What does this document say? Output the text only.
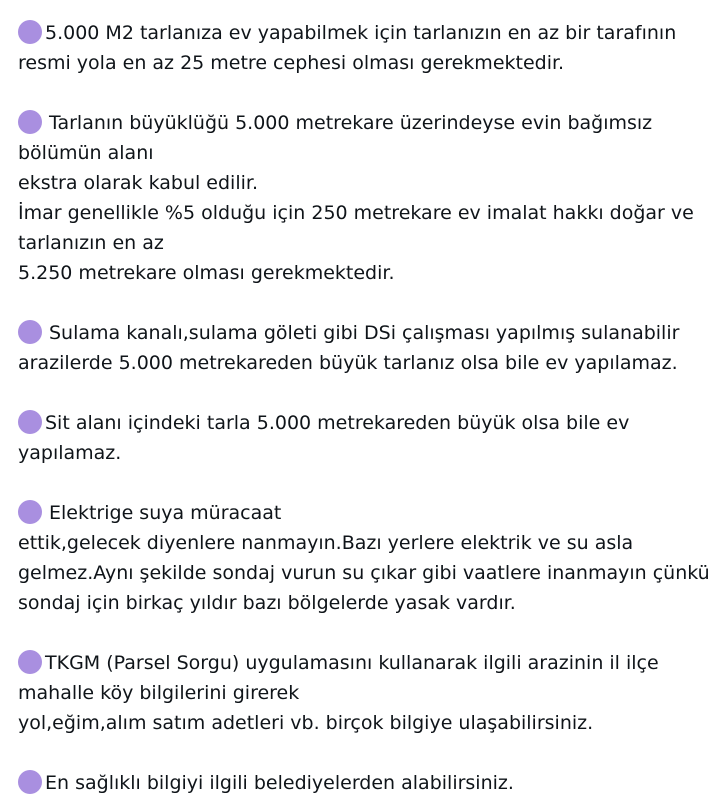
5.000 M2 tarlanıza ev yapabilmek için tarlanızın en az bir tarafının
resmi yola en az 25 metre cephesi olması gerekmektedir.

Tarlanın büyüklüğü 5.000 metrekare üzerindeyse evin bağımsız
bölümün alanı
ekstra olarak kabul edilir.
İmar genellikle %5 olduğu için 250 metrekare ev imalat hakkı doğar ve
tarlanızın en az
5.250 metrekare olması gerekmektedir.

Sulama kanalı,sulama göleti gibi DSi çalışması yapılmış sulanabilir
arazilerde 5.000 metrekareden büyük tarlanız olsa bile ev yapılamaz.

Sit alanı içindeki tarla 5.000 metrekareden büyük olsa bile ev
yapılamaz.

Elektrige suya müracaat
ettik,gelecek diyenlere nanmayın.Bazı yerlere elektrik ve su asla
gelmez.Aynı şekilde sondaj vurun su çıkar gibi vaatlere inanmayın çünkü
sondaj için birkaç yıldır bazı bölgelerde yasak vardır.

TKGM (Parsel Sorgu) uygulamasını kullanarak ilgili arazinin il ilçe
mahalle köy bilgilerini girerek
yol,eğim,alım satım adetleri vb. birçok bilgiye ulaşabilirsiniz.

En sağlıklı bilgiyi ilgili belediyelerden alabilirsiniz.
